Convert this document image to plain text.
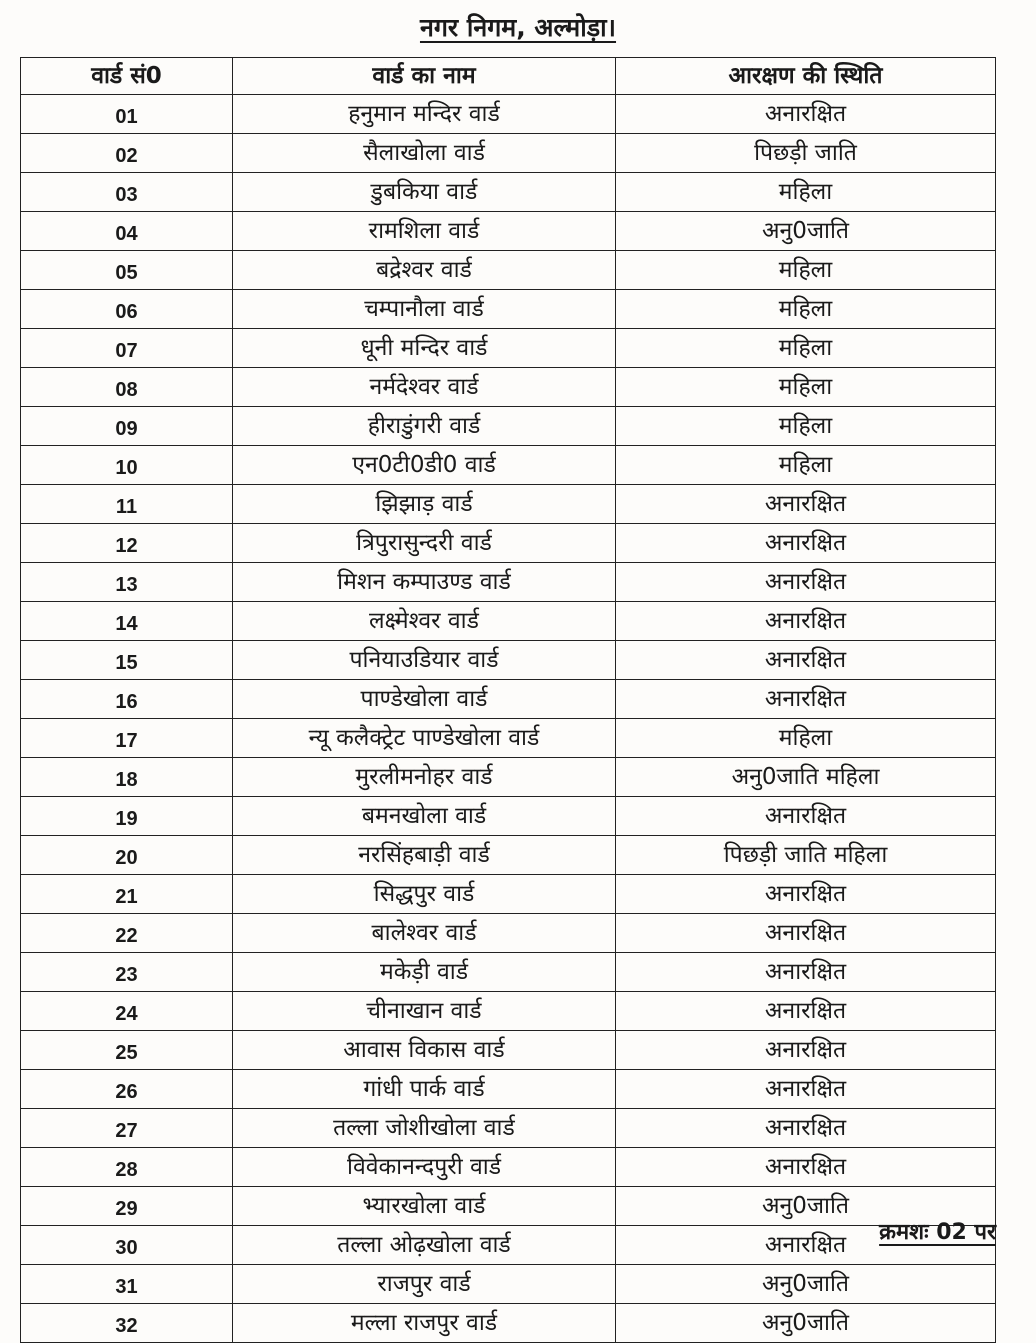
नगर निगम, अल्मोड़ा।
वार्ड सं0	वार्ड का नाम	आरक्षण की स्थिति
01	हनुमान मन्दिर वार्ड	अनारक्षित
02	सैलाखोला वार्ड	पिछड़ी जाति
03	डुबकिया वार्ड	महिला
04	रामशिला वार्ड	अनु0जाति
05	बद्रेश्वर वार्ड	महिला
06	चम्पानौला वार्ड	महिला
07	धूनी मन्दिर वार्ड	महिला
08	नर्मदेश्वर वार्ड	महिला
09	हीराडुंगरी वार्ड	महिला
10	एन0टी0डी0 वार्ड	महिला
11	झिझाड़ वार्ड	अनारक्षित
12	त्रिपुरासुन्दरी वार्ड	अनारक्षित
13	मिशन कम्पाउण्ड वार्ड	अनारक्षित
14	लक्ष्मेश्वर वार्ड	अनारक्षित
15	पनियाउडियार वार्ड	अनारक्षित
16	पाण्डेखोला वार्ड	अनारक्षित
17	न्यू कलैक्ट्रेट पाण्डेखोला वार्ड	महिला
18	मुरलीमनोहर वार्ड	अनु0जाति महिला
19	बमनखोला वार्ड	अनारक्षित
20	नरसिंहबाड़ी वार्ड	पिछड़ी जाति महिला
21	सिद्धपुर वार्ड	अनारक्षित
22	बालेश्वर वार्ड	अनारक्षित
23	मकेड़ी वार्ड	अनारक्षित
24	चीनाखान वार्ड	अनारक्षित
25	आवास विकास वार्ड	अनारक्षित
26	गांधी पार्क वार्ड	अनारक्षित
27	तल्ला जोशीखोला वार्ड	अनारक्षित
28	विवेकानन्दपुरी वार्ड	अनारक्षित
29	भ्यारखोला वार्ड	अनु0जाति
30	तल्ला ओढ़खोला वार्ड	अनारक्षित
31	राजपुर वार्ड	अनु0जाति
32	मल्ला राजपुर वार्ड	अनु0जाति
क्रमशः 02 पर
